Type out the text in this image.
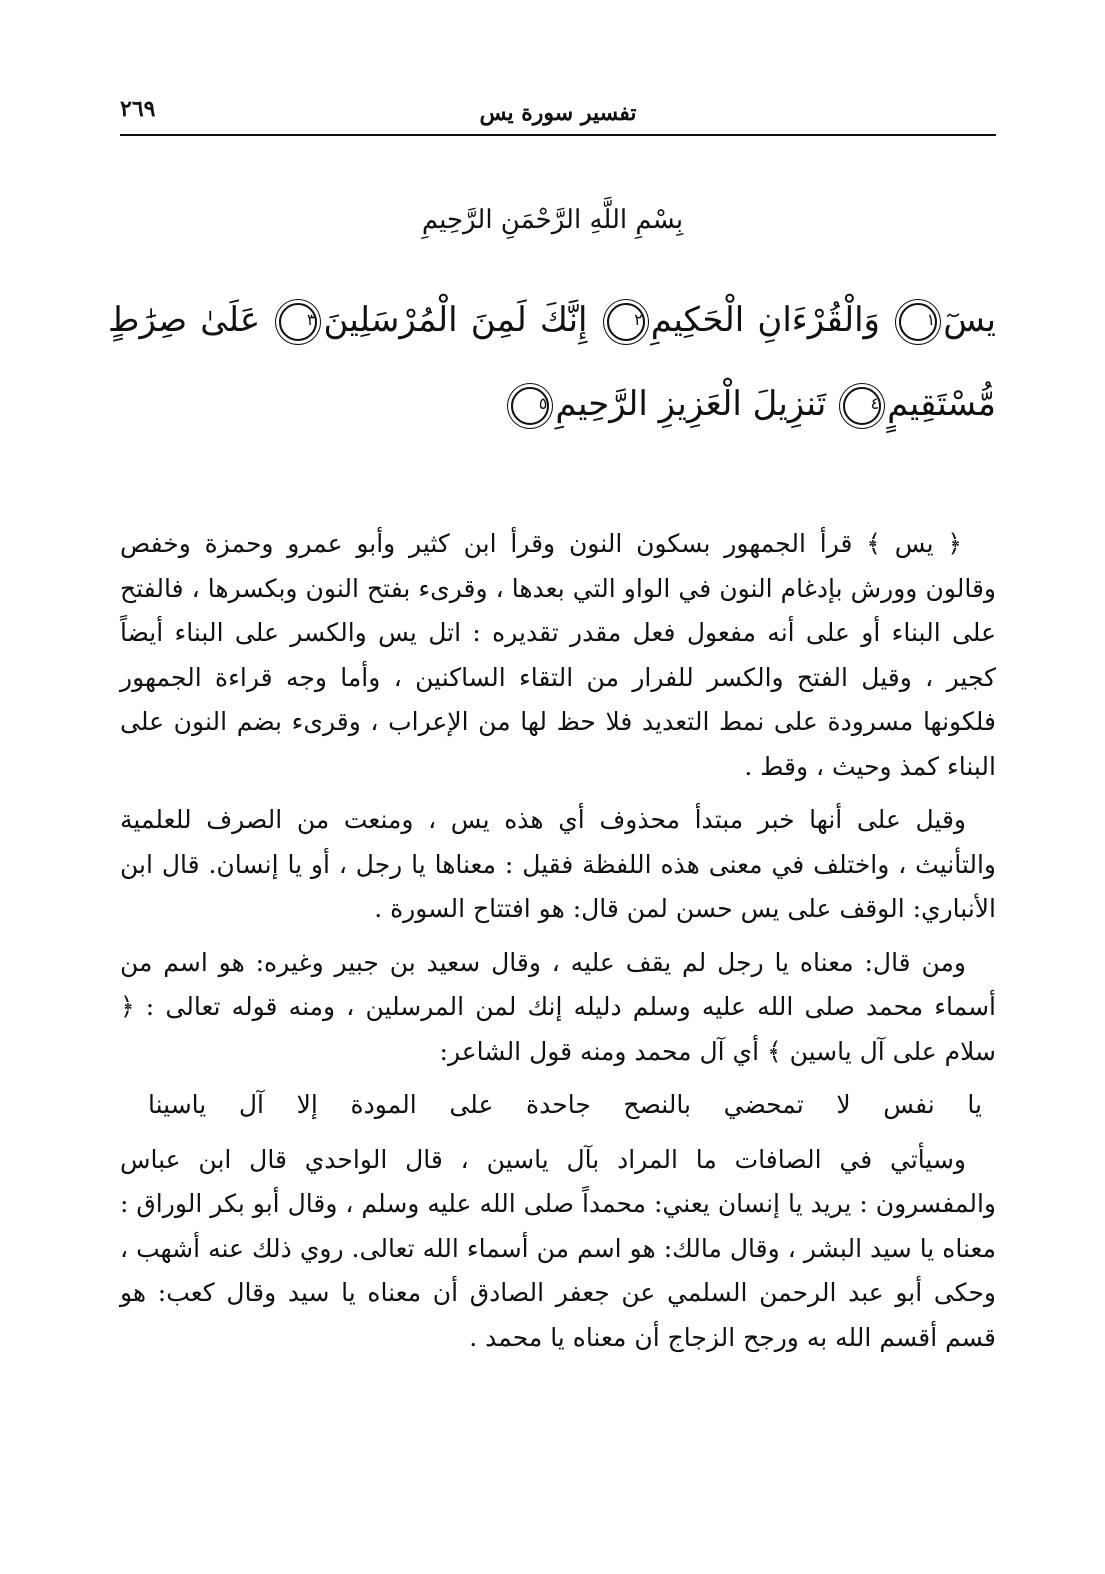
تفسير سورة يس
٢٦٩
بِسْمِ اللَّهِ الرَّحْمَنِ الرَّحِيمِ
يسٓ١ وَالْقُرْءَانِ الْحَكِيمِ٢ إِنَّكَ لَمِنَ الْمُرْسَلِينَ٣ عَلَىٰ صِرَٰطٍ مُّسْتَقِيمٍ٤ تَنزِيلَ الْعَزِيزِ الرَّحِيمِ٥

﴿ يس ﴾ قرأ الجمهور بسكون النون وقرأ ابن كثير وأبو عمرو وحمزة وخفص وقالون وورش بإدغام النون في الواو التي بعدها ، وقرىء بفتح النون وبكسرها ، فالفتح على البناء أو على أنه مفعول فعل مقدر تقديره : اتل يس والكسر على البناء أيضاً كجير ، وقيل الفتح والكسر للفرار من التقاء الساكنين ، وأما وجه قراءة الجمهور فلكونها مسرودة على نمط التعديد فلا حظ لها من الإعراب ، وقرىء بضم النون على البناء كمذ وحيث ، وقط .

وقيل على أنها خبر مبتدأ محذوف أي هذه يس ، ومنعت من الصرف للعلمية والتأنيث ، واختلف في معنى هذه اللفظة فقيل : معناها يا رجل ، أو يا إنسان. قال ابن الأنباري: الوقف على يس حسن لمن قال: هو افتتاح السورة .

ومن قال: معناه يا رجل لم يقف عليه ، وقال سعيد بن جبير وغيره: هو اسم من أسماء محمد صلى الله عليه وسلم دليله إنك لمن المرسلين ، ومنه قوله تعالى : ﴿ سلام على آل ياسين ﴾ أي آل محمد ومنه قول الشاعر:

يا نفس لا تمحضي بالنصح جاحدة على المودة إلا آل ياسينا

وسيأتي في الصافات ما المراد بآل ياسين ، قال الواحدي قال ابن عباس والمفسرون : يريد يا إنسان يعني: محمداً صلى الله عليه وسلم ، وقال أبو بكر الوراق : معناه يا سيد البشر ، وقال مالك: هو اسم من أسماء الله تعالى. روي ذلك عنه أشهب ، وحكى أبو عبد الرحمن السلمي عن جعفر الصادق أن معناه يا سيد وقال كعب: هو قسم أقسم الله به ورجح الزجاج أن معناه يا محمد .
